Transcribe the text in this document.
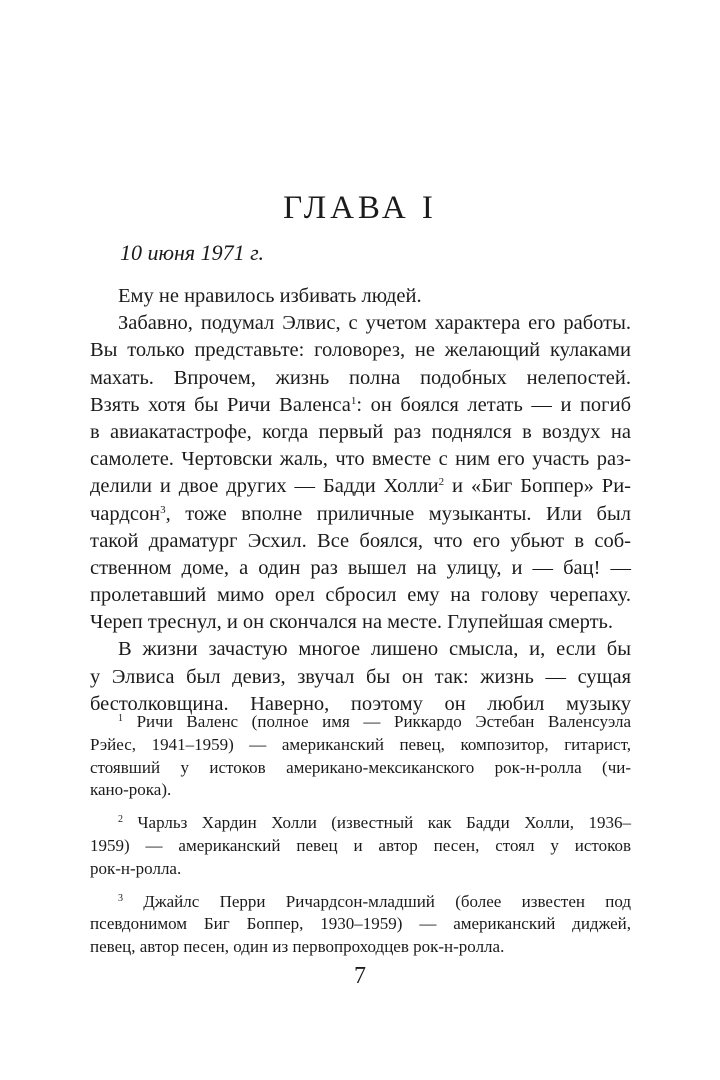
ГЛАВА I
10 июня 1971 г.
Ему не нравилось избивать людей.
Забавно, подумал Элвис, с учетом характера его работы.
Вы только представьте: головорез, не желающий кулаками
махать. Впрочем, жизнь полна подобных нелепостей.
Взять хотя бы Ричи Валенса$^1$: он боялся летать — и погиб
в авиакатастрофе, когда первый раз поднялся в воздух на
самолете. Чертовски жаль, что вместе с ним его участь раз-
делили и двое других — Бадди Холли$^2$ и «Биг Боппер» Ри-
чардсон$^3$, тоже вполне приличные музыканты. Или был
такой драматург Эсхил. Все боялся, что его убьют в соб-
ственном доме, а один раз вышел на улицу, и — бац! —
пролетавший мимо орел сбросил ему на голову черепаху.
Череп треснул, и он скончался на месте. Глупейшая смерть.
В жизни зачастую многое лишено смысла, и, если бы
у Элвиса был девиз, звучал бы он так: жизнь — сущая
бестолковщина. Наверно, поэтому он любил музыку
$^1$ Ричи Валенс (полное имя — Риккардо Эстебан Валенсуэла
Рэйес, 1941–1959) — американский певец, композитор, гитарист,
стоявший у истоков американо-мексиканского рок-н-ролла (чи-
кано-рока).
$^2$ Чарльз Хардин Холли (известный как Бадди Холли, 1936–
1959) — американский певец и автор песен, стоял у истоков
рок-н-ролла.
$^3$ Джайлс Перри Ричардсон-младший (более известен под
псевдонимом Биг Боппер, 1930–1959) — американский диджей,
певец, автор песен, один из первопроходцев рок-н-ролла.
7
